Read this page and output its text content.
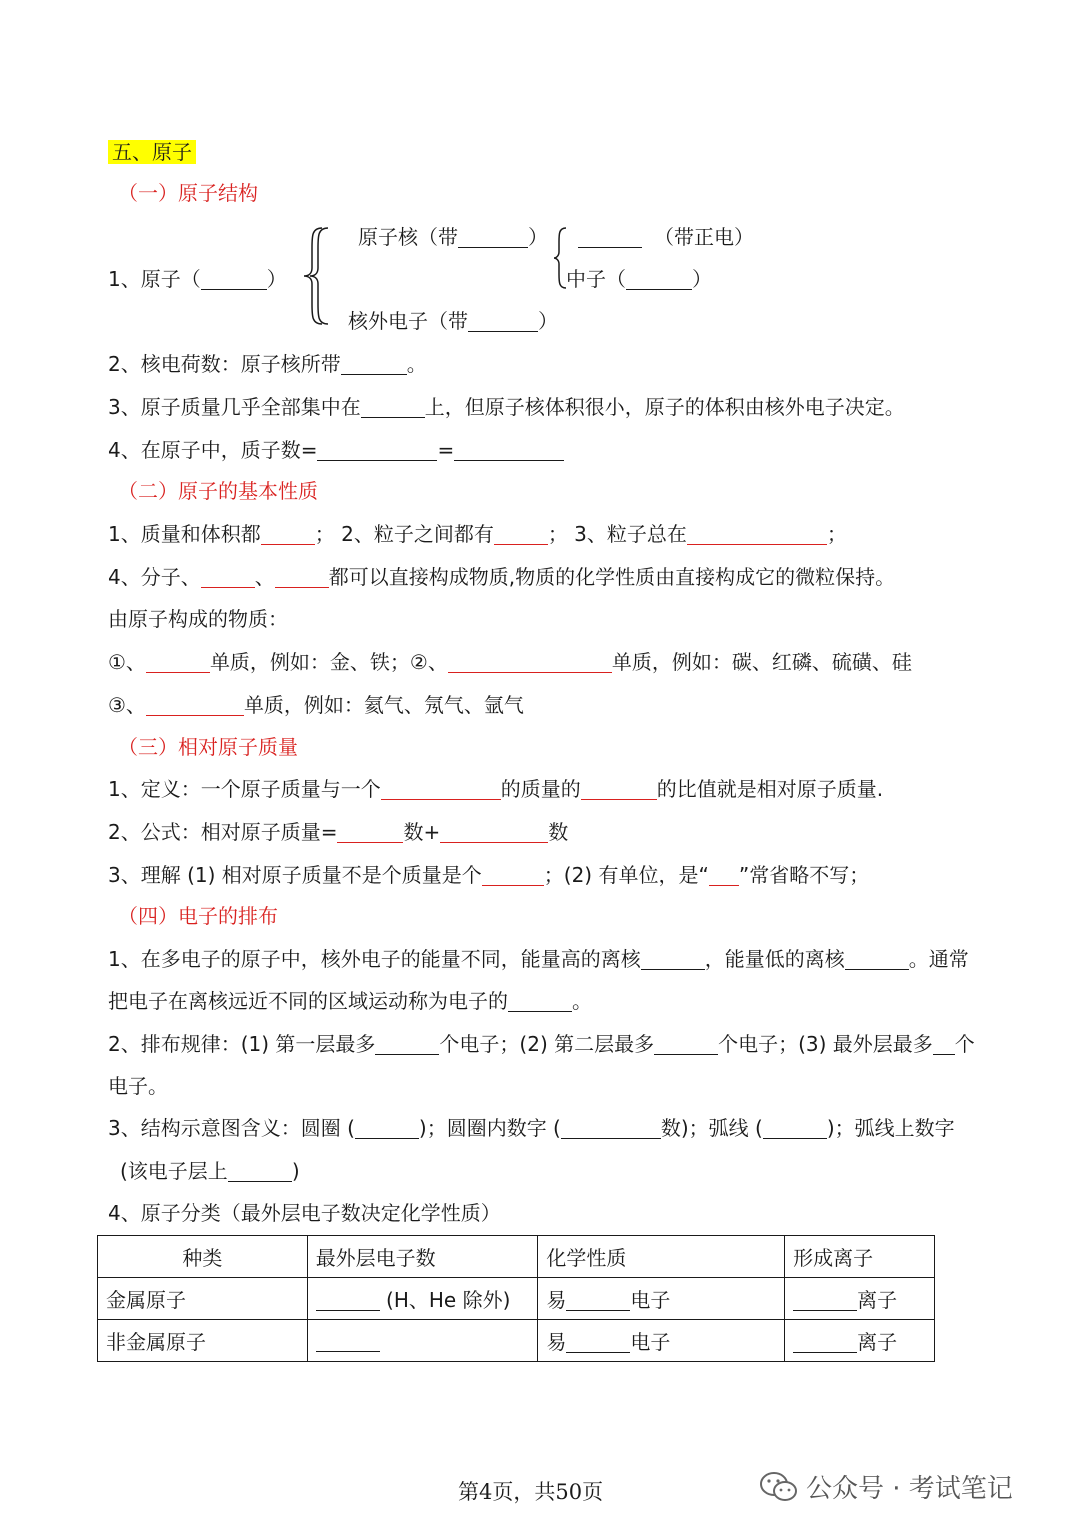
五、原子
（一）原子结构
1、原子（	）
原子核（带	）	（带正电）
中子（	）
核外电子（带	）
2、核电荷数：原子核所带	。
3、原子质量几乎全部集中在	上，但原子核体积很小，原子的体积由核外电子决定。
4、在原子中，质子数=	=
（二）原子的基本性质
1、质量和体积都	； 2、粒子之间都有	； 3、粒子总在	；
4、分子、	、	都可以直接构成物质,物质的化学性质由直接构成它的微粒保持。
由原子构成的物质：
①、	单质，例如：金、铁；②、	单质，例如：碳、红磷、硫磺、硅
③、	单质，例如：氦气、氖气、氩气
（三）相对原子质量
1、定义：一个原子质量与一个	的质量的	的比值就是相对原子质量.
2、公式：相对原子质量=	数+	数
3、理解 (1) 相对原子质量不是个质量是个	；(2) 有单位，是“ ”常省略不写；
（四）电子的排布
1、在多电子的原子中，核外电子的能量不同，能量高的离核	，能量低的离核	。通常
把电子在离核远近不同的区域运动称为电子的	。
2、排布规律：(1) 第一层最多	个电子；(2) 第二层最多	个电子；(3) 最外层最多 个
电子。
3、结构示意图含义：圆圈 (	)；圆圈内数字 (	数)；弧线 (	)；弧线上数字
(该电子层上	)
4、原子分类（最外层电子数决定化学性质）
种类	最外层电子数	化学性质	形成离子
金属原子	(H、He 除外)	易 电子	离子
非金属原子		易 电子	离子
第4页，共50页	公众号 · 考试笔记
